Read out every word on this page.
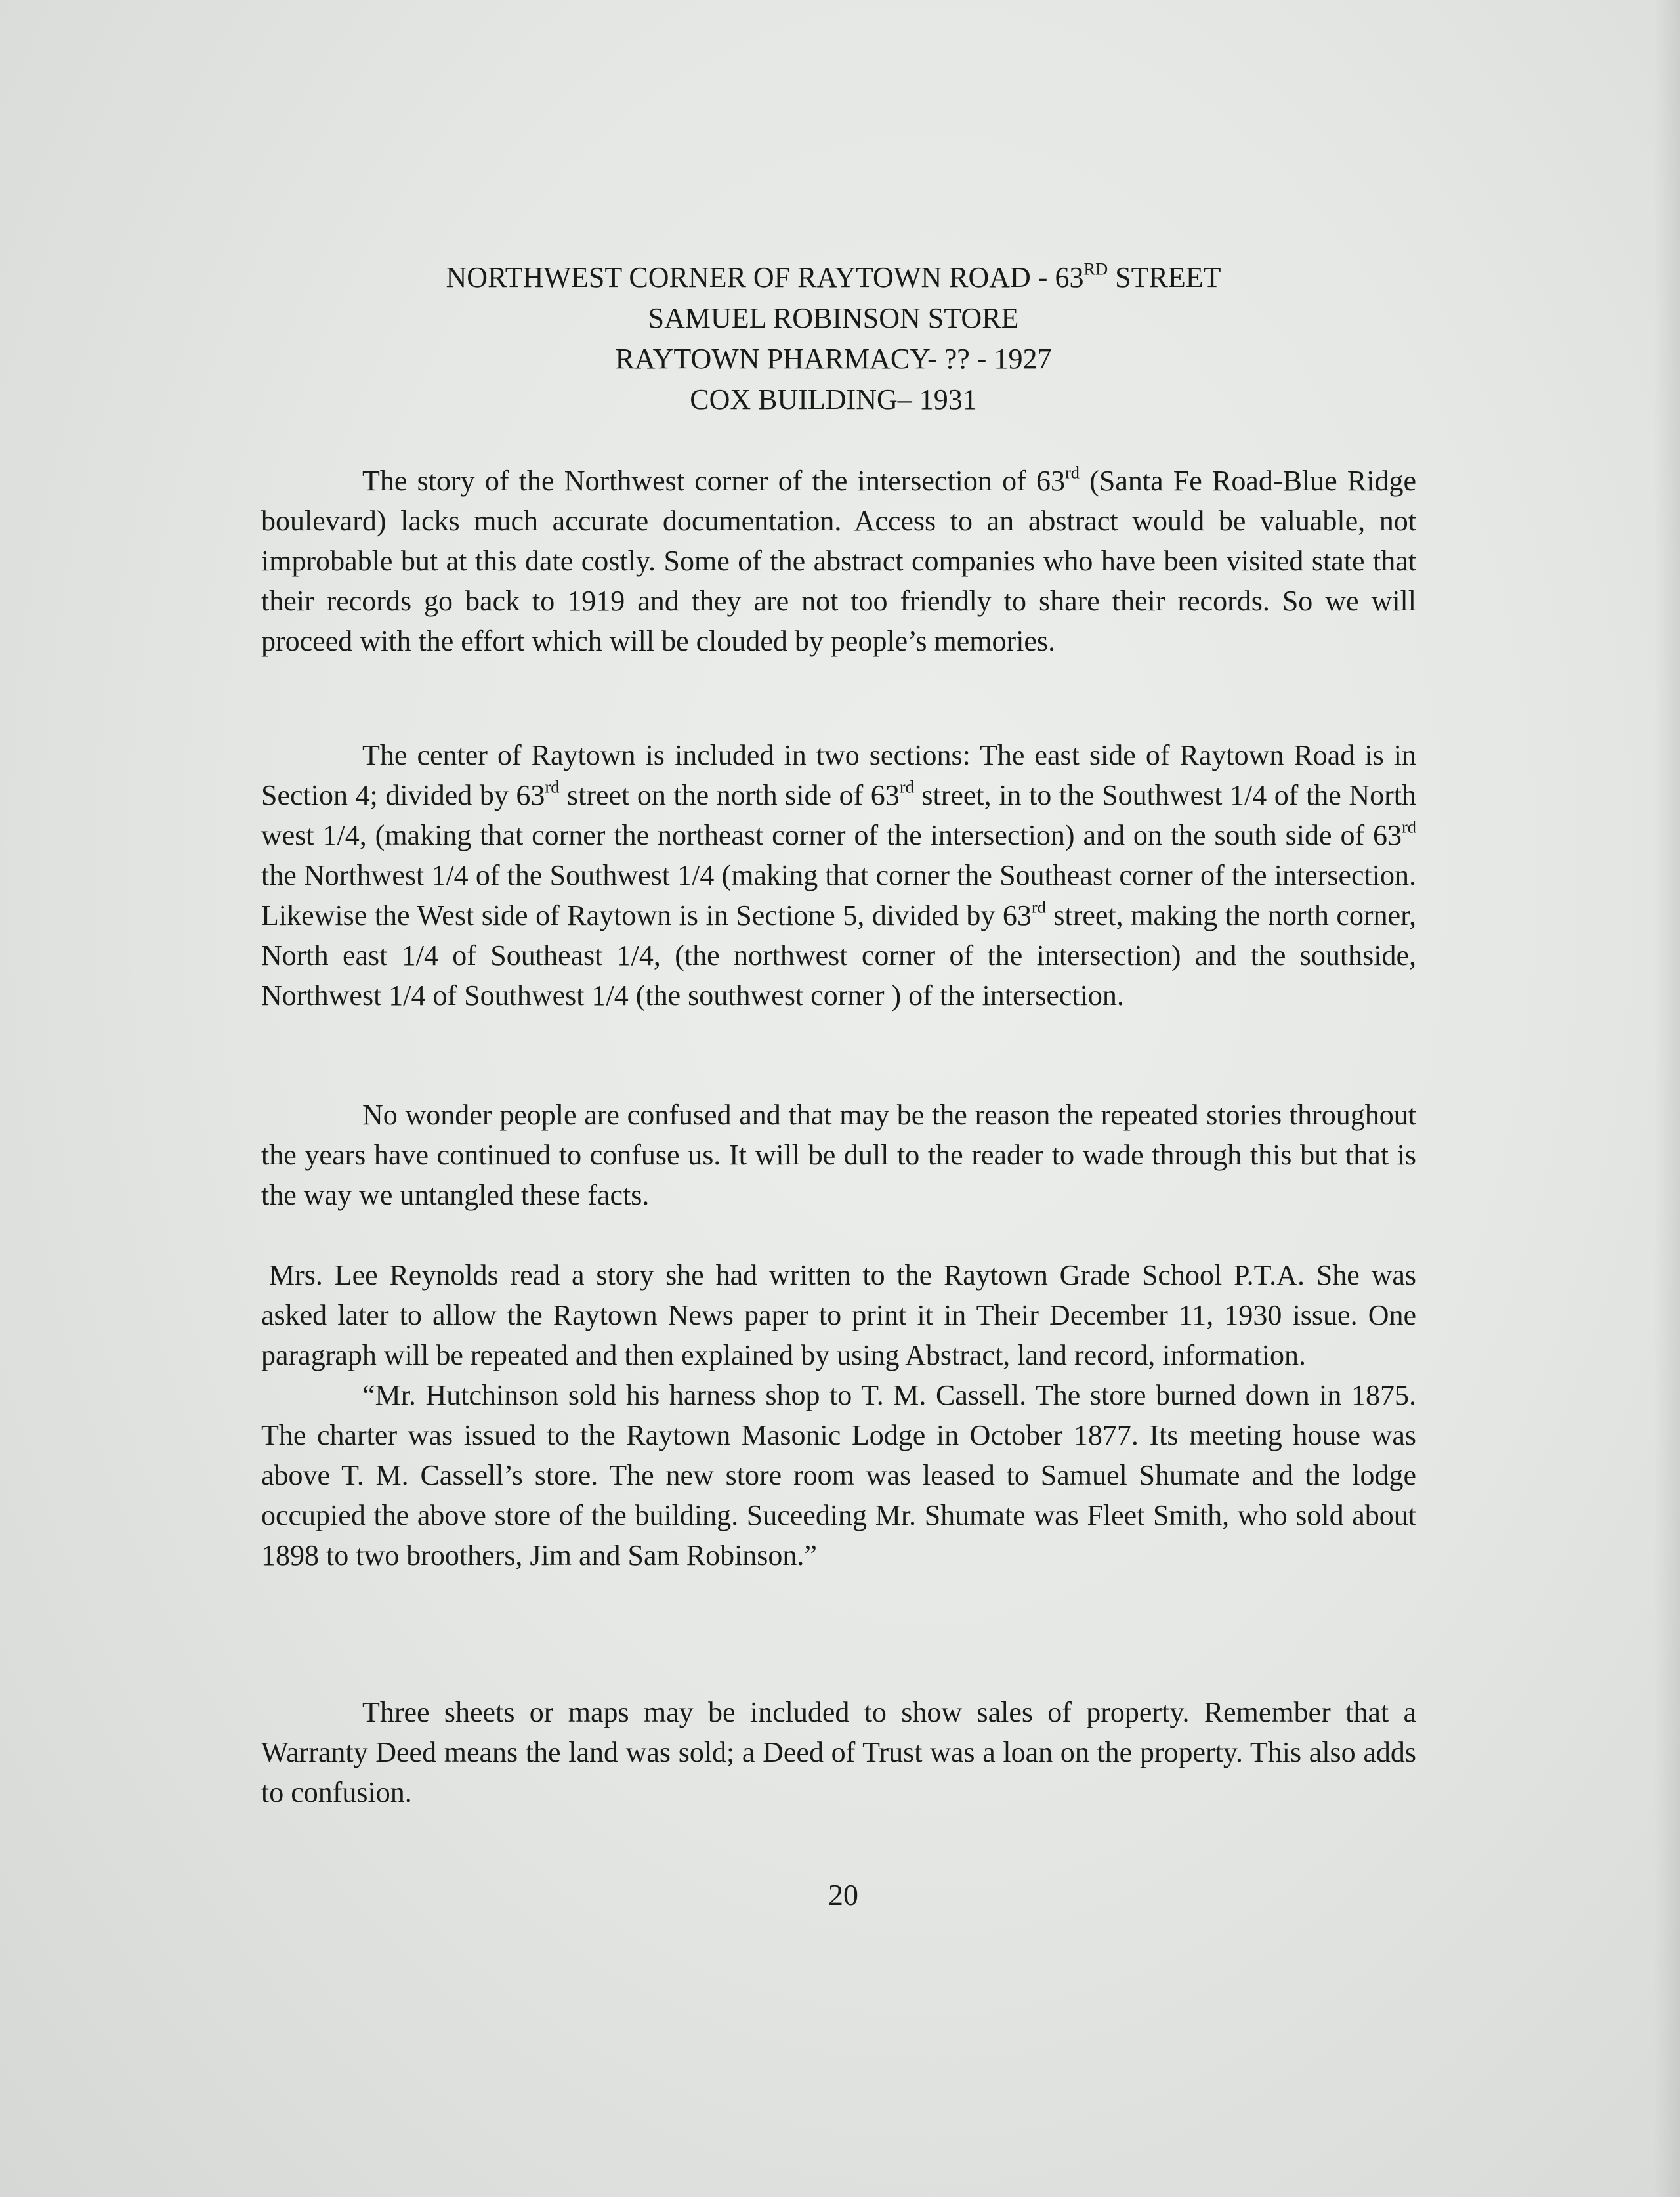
NORTHWEST CORNER OF RAYTOWN ROAD - 63RD STREET
SAMUEL ROBINSON STORE
RAYTOWN PHARMACY- ?? - 1927
COX BUILDING– 1931

The story of the Northwest corner of the intersection of 63rd (Santa Fe Road-Blue Ridge boulevard) lacks much accurate documentation. Access to an abstract would be valuable, not improbable but at this date costly. Some of the abstract companies who have been visited state that their records go back to 1919 and they are not too friendly to share their records. So we will proceed with the effort which will be clouded by people’s memories.

The center of Raytown is included in two sections: The east side of Raytown Road is in Section 4; divided by 63rd street on the north side of 63rd street, in to the Southwest 1/4 of the North west 1/4, (making that corner the northeast corner of the intersection) and on the south side of 63rd the Northwest 1/4 of the Southwest 1/4 (making that corner the Southeast corner of the intersection. Likewise the West side of Raytown is in Sectione 5, divided by 63rd street, making the north corner, North east 1/4 of Southeast 1/4, (the northwest corner of the intersection) and the southside, Northwest 1/4 of Southwest 1/4 (the southwest corner ) of the intersection.

No wonder people are confused and that may be the reason the repeated stories throughout the years have continued to confuse us. It will be dull to the reader to wade through this but that is the way we untangled these facts.

Mrs. Lee Reynolds read a story she had written to the Raytown Grade School P.T.A. She was asked later to allow the Raytown News paper to print it in Their December 11, 1930 issue. One paragraph will be repeated and then explained by using Abstract, land record, information.

“Mr. Hutchinson sold his harness shop to T. M. Cassell. The store burned down in 1875. The charter was issued to the Raytown Masonic Lodge in October 1877. Its meeting house was above T. M. Cassell’s store. The new store room was leased to Samuel Shumate and the lodge occupied the above store of the building. Suceeding Mr. Shumate was Fleet Smith, who sold about 1898 to two broothers, Jim and Sam Robinson.”

Three sheets or maps may be included to show sales of property. Remember that a Warranty Deed means the land was sold; a Deed of Trust was a loan on the property. This also adds to confusion.

20
